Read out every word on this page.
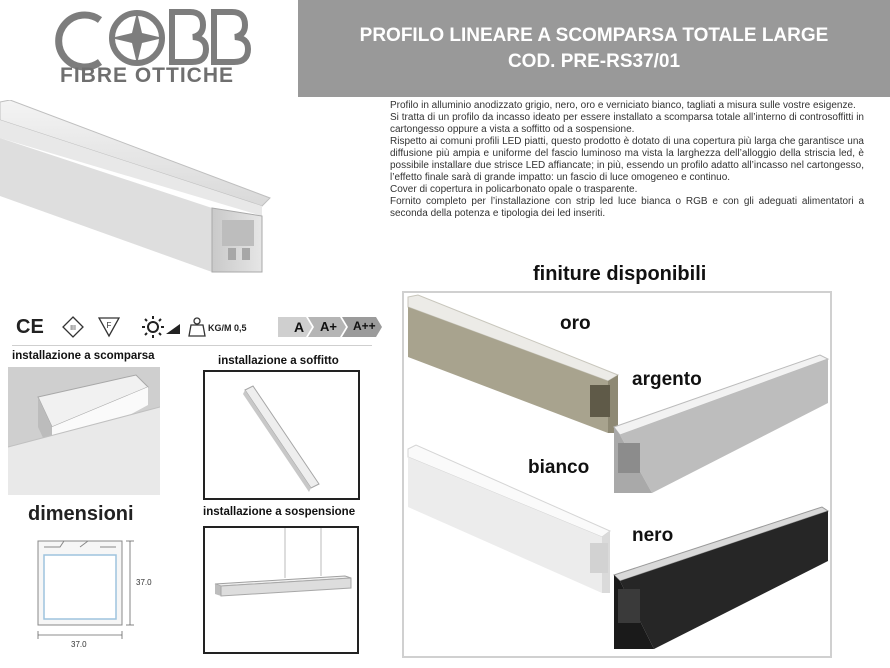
FIBRE OTTICHE
PROFILO LINEARE A SCOMPARSA TOTALE LARGE
COD. PRE-RS37/01

Profilo in alluminio anodizzato grigio, nero, oro e verniciato bianco, tagliati a misura sulle vostre esigenze.

Si tratta di un profilo da incasso ideato per essere installato a scomparsa totale all’interno di controsoffitti in cartongesso oppure a vista a soffitto od a sospensione.

Rispetto ai comuni profili LED piatti, questo prodotto è dotato di una copertura più larga che garantisce una diffusione più ampia e uniforme del fascio luminoso ma vista la larghezza dell’alloggio della striscia led, è possibile installare due strisce LED affiancate; in più, essendo un profilo adatto all’incasso nel cartongesso, l’effetto finale sarà di grande impatto: un fascio di luce omogeneo e continuo.

Cover di copertura in policarbonato opale o trasparente.

Fornito completo per l’installazione con strip led luce bianca o RGB e con gli adeguati alimentatori a seconda della potenza e tipologia dei led inseriti.

CE	III	F	KG/M 0,5	A A+ A++
installazione a scomparsa	installazione a soffitto
dimensioni
37.0
37.0
installazione a sospensione
finiture disponibili
oro
argento
bianco
nero
